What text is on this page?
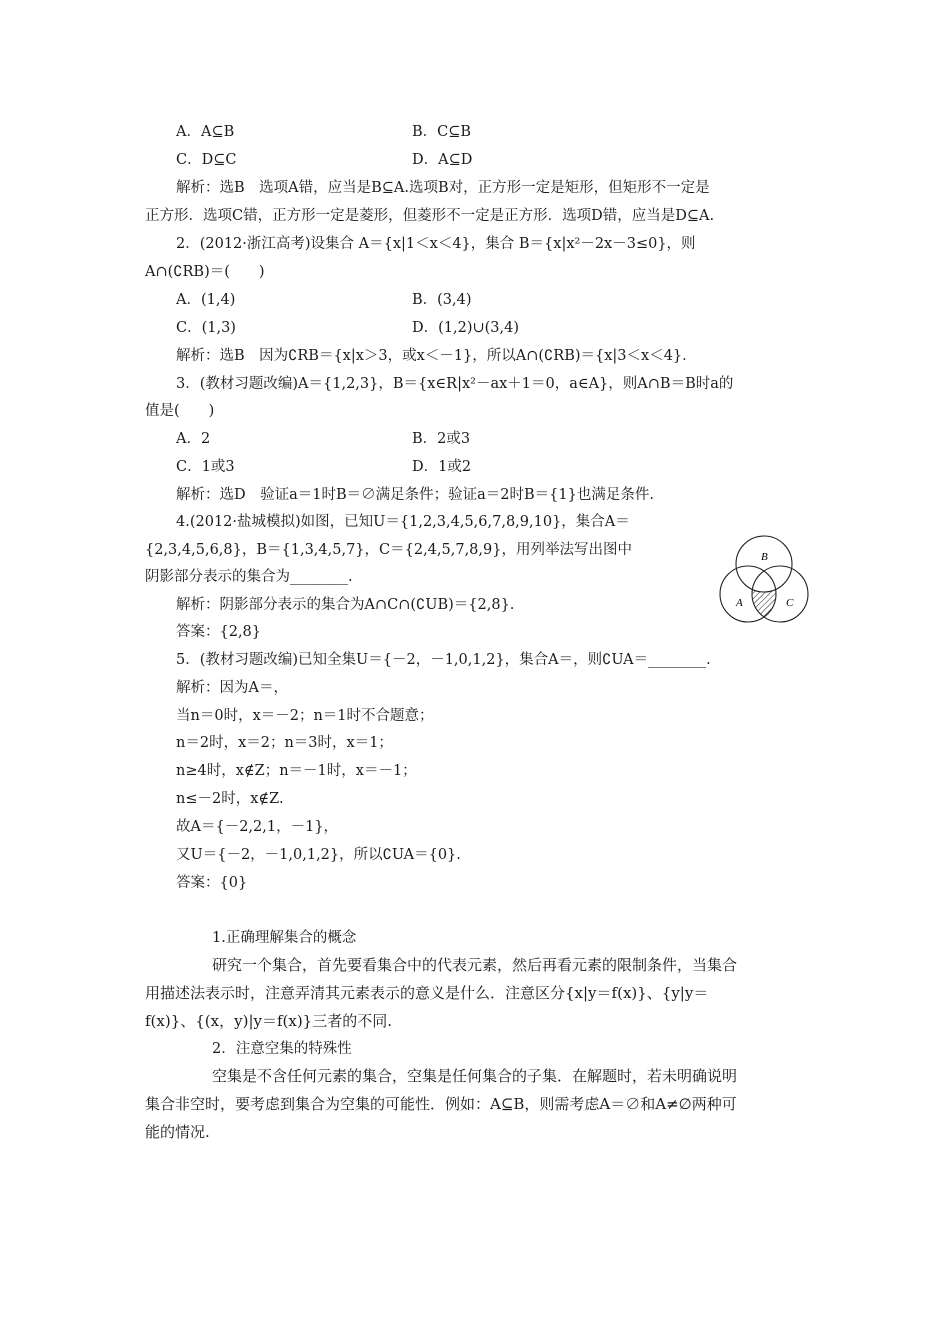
A．A⊆B	B．C⊆B
C．D⊆C	D．A⊆D
解析：选B　选项A错，应当是B⊆A.选项B对，正方形一定是矩形，但矩形不一定是
正方形．选项C错，正方形一定是菱形，但菱形不一定是正方形．选项D错，应当是D⊆A.
2．(2012·浙江高考)设集合 A＝{x|1＜x＜4}，集合 B＝{x|x²－2x－3≤0}，则
A∩(∁RB)＝(　　)
A．(1,4)	B．(3,4)
C．(1,3)	D．(1,2)∪(3,4)
解析：选B　因为∁RB＝{x|x＞3，或x＜－1}，所以A∩(∁RB)＝{x|3＜x＜4}．
3．(教材习题改编)A＝{1,2,3}，B＝{x∈R|x²－ax＋1＝0，a∈A}，则A∩B＝B时a的
值是(　　)
A．2	B．2或3
C．1或3	D．1或2
解析：选D　验证a＝1时B＝∅满足条件；验证a＝2时B＝{1}也满足条件.
4.(2012·盐城模拟)如图，已知U＝{1,2,3,4,5,6,7,8,9,10}，集合A＝
{2,3,4,5,6,8}，B＝{1,3,4,5,7}，C＝{2,4,5,7,8,9}，用列举法写出图中
阴影部分表示的集合为________.
解析：阴影部分表示的集合为A∩C∩(∁UB)＝{2,8}.
答案：{2,8}
A
B
C
5．(教材习题改编)已知全集U＝{－2，－1,0,1,2}，集合A＝，则∁UA＝________.
解析：因为A＝，
当n＝0时，x＝－2；n＝1时不合题意；
n＝2时，x＝2；n＝3时，x＝1；
n≥4时，x∉Z；n＝－1时，x＝－1；
n≤－2时，x∉Z.
故A＝{－2,2,1，－1}，
又U＝{－2，－1,0,1,2}，所以∁UA＝{0}.
答案：{0}
1.正确理解集合的概念
研究一个集合，首先要看集合中的代表元素，然后再看元素的限制条件，当集合
用描述法表示时，注意弄清其元素表示的意义是什么．注意区分{x|y＝f(x)}、{y|y＝
f(x)}、{(x，y)|y＝f(x)}三者的不同.
2．注意空集的特殊性
空集是不含任何元素的集合，空集是任何集合的子集．在解题时，若未明确说明
集合非空时，要考虑到集合为空集的可能性．例如：A⊆B，则需考虑A＝∅和A≠∅两种可
能的情况.
